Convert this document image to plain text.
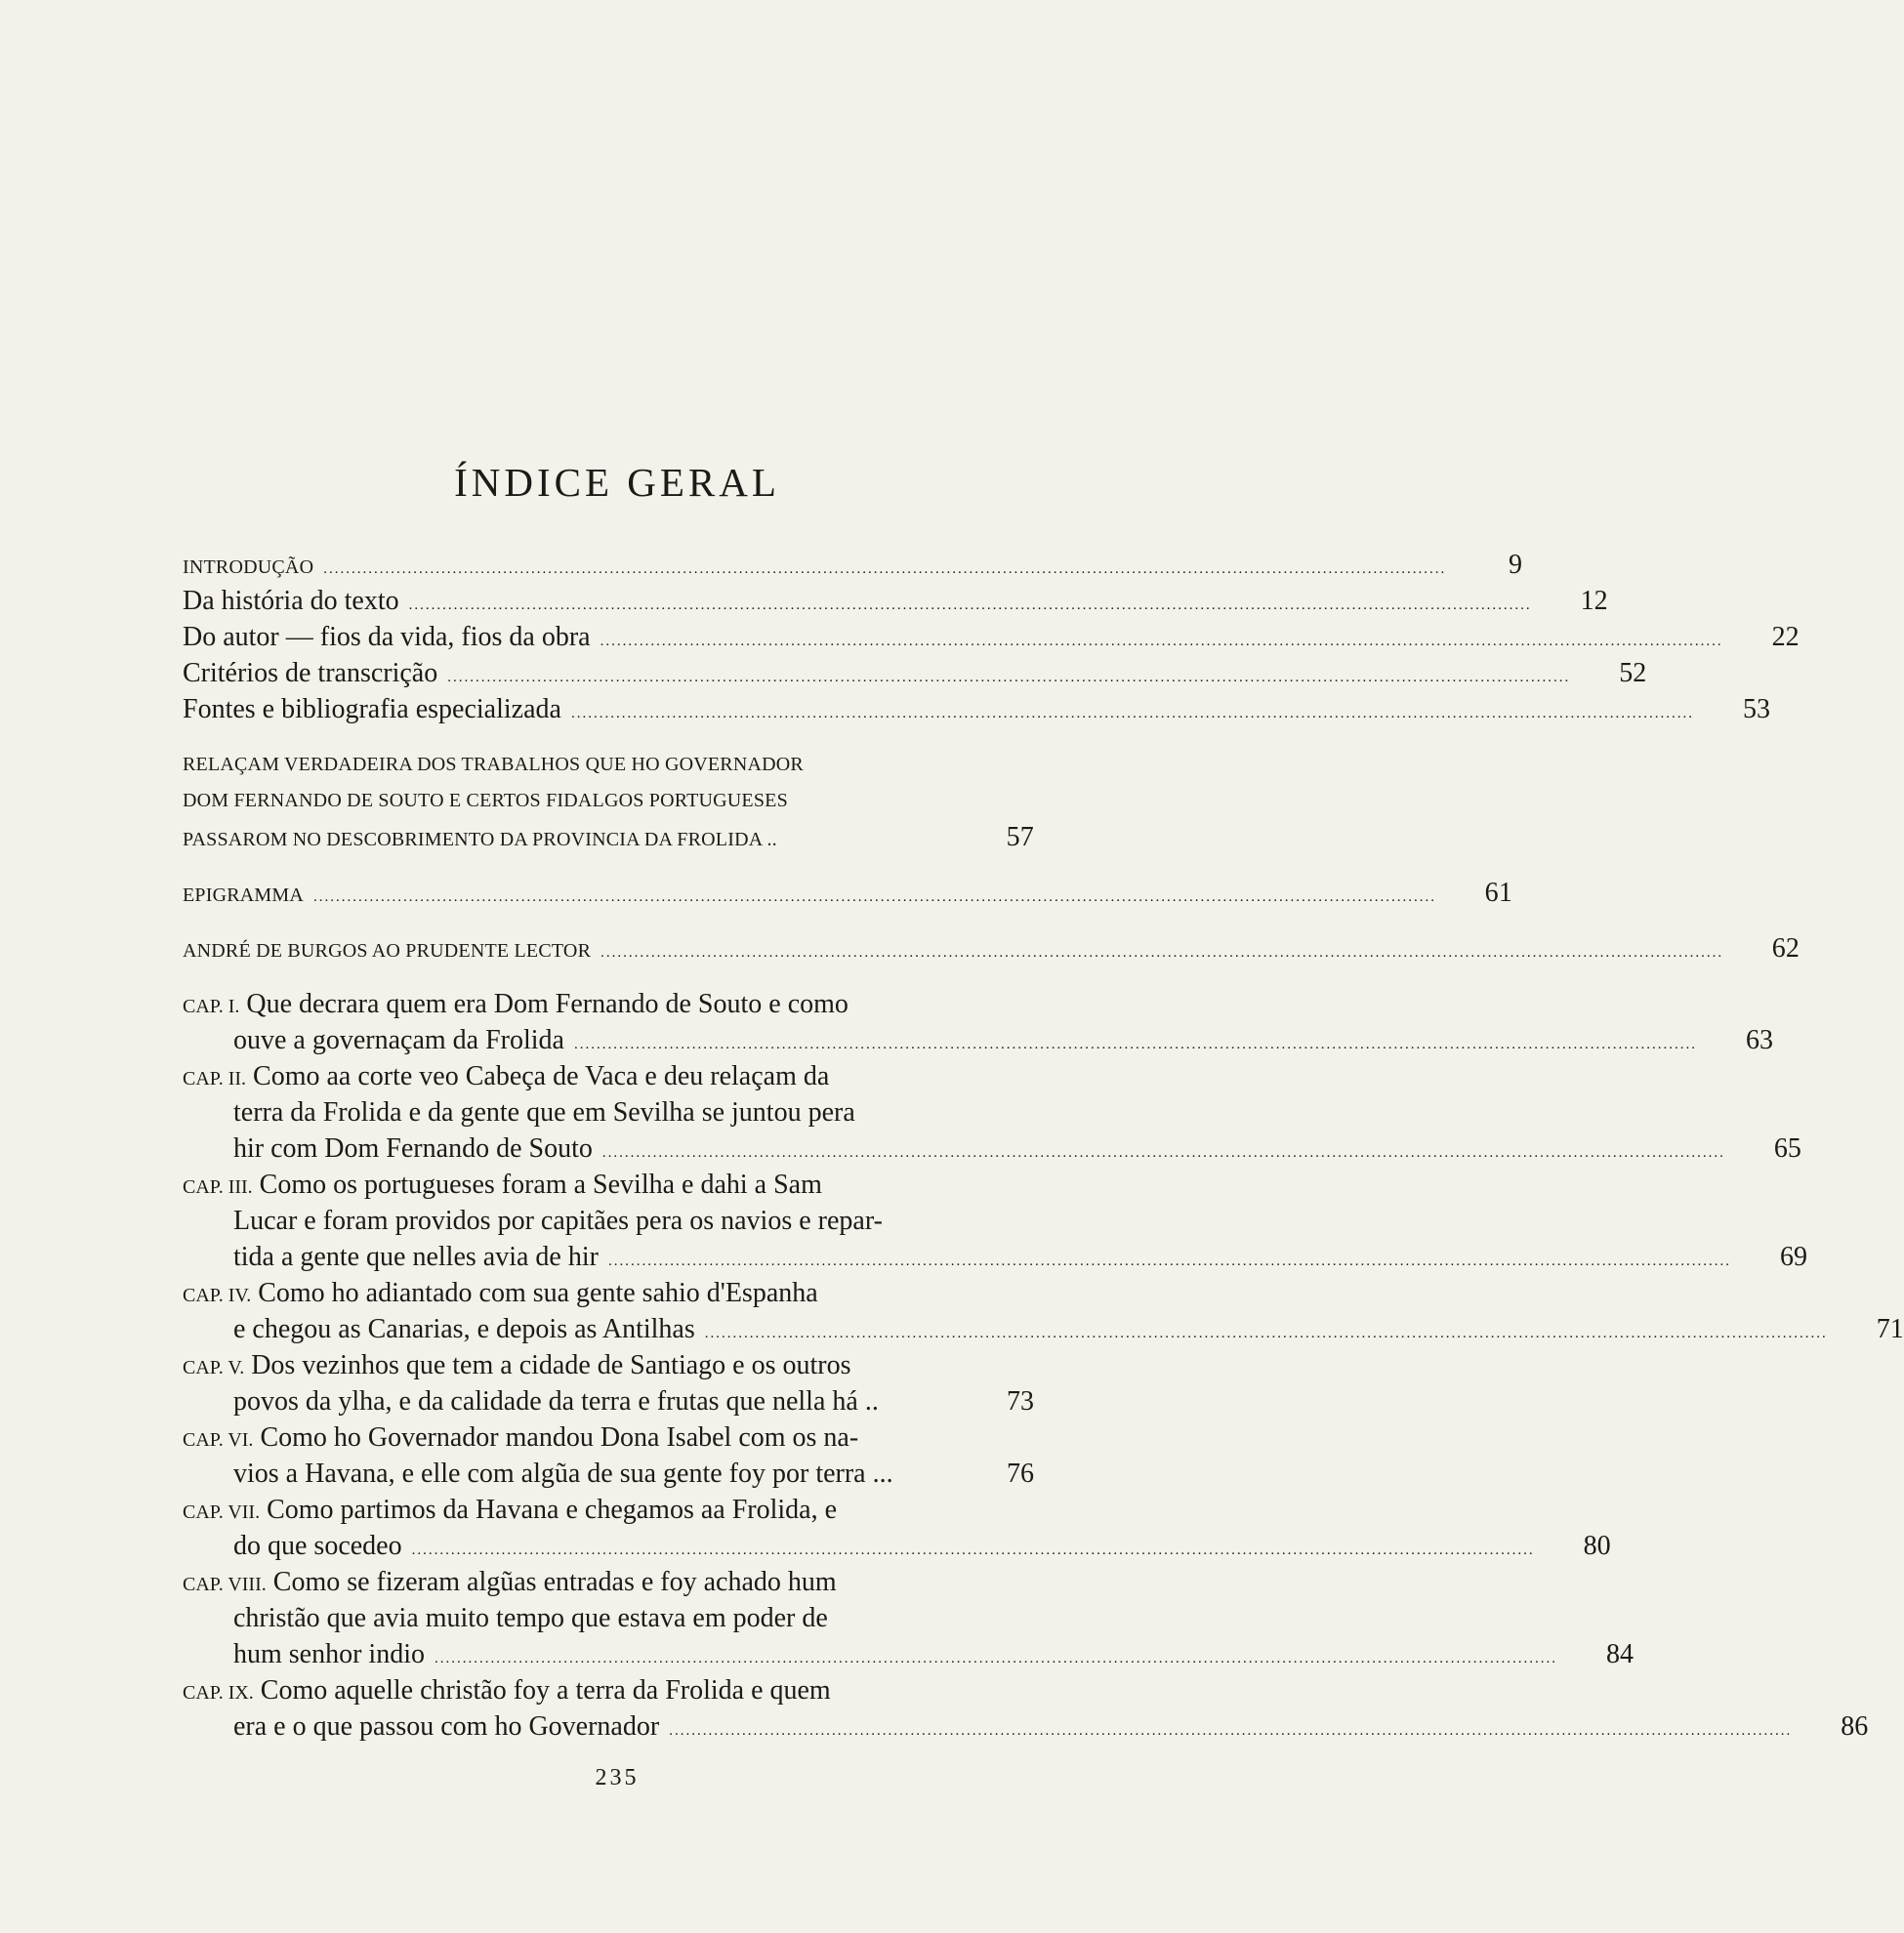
ÍNDICE GERAL
INTRODUÇÃO ........................................................................................................................................................................................................	9
Da história do texto ........................................................................................................................................................................................................	12
Do autor — fios da vida, fios da obra ........................................................................................................................................................................................................	22
Critérios de transcrição ........................................................................................................................................................................................................	52
Fontes e bibliografia especializada ........................................................................................................................................................................................................	53
RELAÇAM VERDADEIRA DOS TRABALHOS QUE HO GOVERNADOR
DOM FERNANDO DE SOUTO E CERTOS FIDALGOS PORTUGUESES
PASSAROM NO DESCOBRIMENTO DA PROVINCIA DA FROLIDA ..	57
EPIGRAMMA ........................................................................................................................................................................................................	61
ANDRÉ DE BURGOS AO PRUDENTE LECTOR ........................................................................................................................................................................................................	62
CAP. I.
Que decrara quem era Dom Fernando de Souto e como
ouve a governaçam da Frolida ........................................................................................................................................................................................................	63
CAP. II.
Como aa corte veo Cabeça de Vaca e deu relaçam da
terra da Frolida e da gente que em Sevilha se juntou pera
hir com Dom Fernando de Souto ........................................................................................................................................................................................................	65
CAP. III.
Como os portugueses foram a Sevilha e dahi a Sam
Lucar e foram providos por capitães pera os navios e repar-
tida a gente que nelles avia de hir ........................................................................................................................................................................................................	69
CAP. IV.
Como ho adiantado com sua gente sahio d'Espanha
e chegou as Canarias, e depois as Antilhas ........................................................................................................................................................................................................	71
CAP. V.
Dos vezinhos que tem a cidade de Santiago e os outros
povos da ylha, e da calidade da terra e frutas que nella há ..	73
CAP. VI.
Como ho Governador mandou Dona Isabel com os na-
vios a Havana, e elle com algũa de sua gente foy por terra ...	76
CAP. VII.
Como partimos da Havana e chegamos aa Frolida, e
do que socedeo ........................................................................................................................................................................................................	80
CAP. VIII.
Como se fizeram algũas entradas e foy achado hum
christão que avia muito tempo que estava em poder de
hum senhor indio ........................................................................................................................................................................................................	84
CAP. IX.
Como aquelle christão foy a terra da Frolida e quem
era e o que passou com ho Governador ........................................................................................................................................................................................................	86
235
